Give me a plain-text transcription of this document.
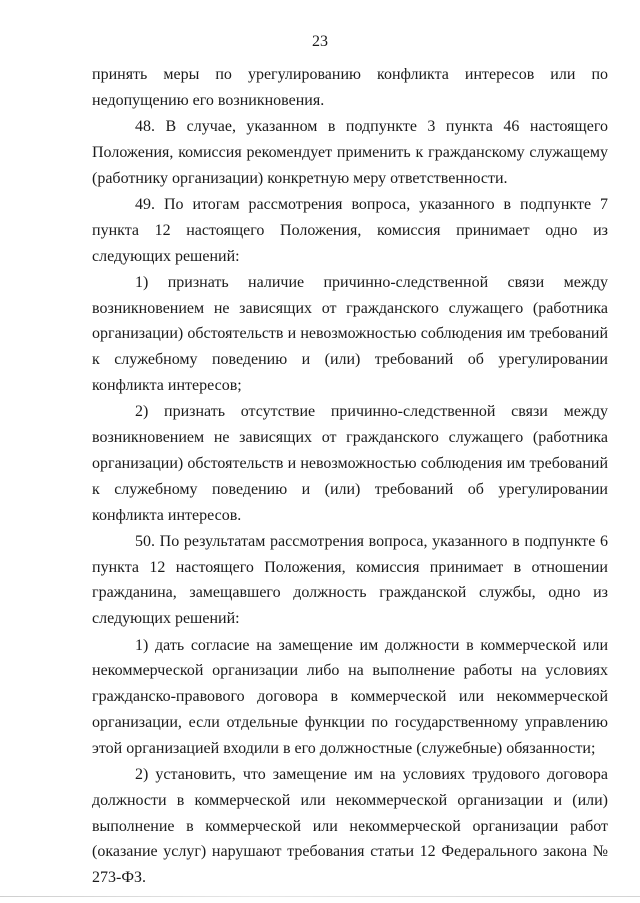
23

принять меры по урегулированию конфликта интересов или по недопущению его возникновения.

48. В случае, указанном в подпункте 3 пункта 46 настоящего Положения, комиссия рекомендует применить к гражданскому служащему (работнику организации) конкретную меру ответственности.

49. По итогам рассмотрения вопроса, указанного в подпункте 7 пункта 12 настоящего Положения, комиссия принимает одно из следующих решений:

1) признать наличие причинно-следственной связи между возникновением не зависящих от гражданского служащего (работника организации) обстоятельств и невозможностью соблюдения им требований к служебному поведению и (или) требований об урегулировании конфликта интересов;

2) признать отсутствие причинно-следственной связи между возникновением не зависящих от гражданского служащего (работника организации) обстоятельств и невозможностью соблюдения им требований к служебному поведению и (или) требований об урегулировании конфликта интересов.

50. По результатам рассмотрения вопроса, указанного в подпункте 6 пункта 12 настоящего Положения, комиссия принимает в отношении гражданина, замещавшего должность гражданской службы, одно из следующих решений:

1) дать согласие на замещение им должности в коммерческой или некоммерческой организации либо на выполнение работы на условиях гражданско-правового договора в коммерческой или некоммерческой организации, если отдельные функции по государственному управлению этой организацией входили в его должностные (служебные) обязанности;

2) установить, что замещение им на условиях трудового договора должности в коммерческой или некоммерческой организации и (или) выполнение в коммерческой или некоммерческой организации работ (оказание услуг) нарушают требования статьи 12 Федерального закона № 273-ФЗ.
